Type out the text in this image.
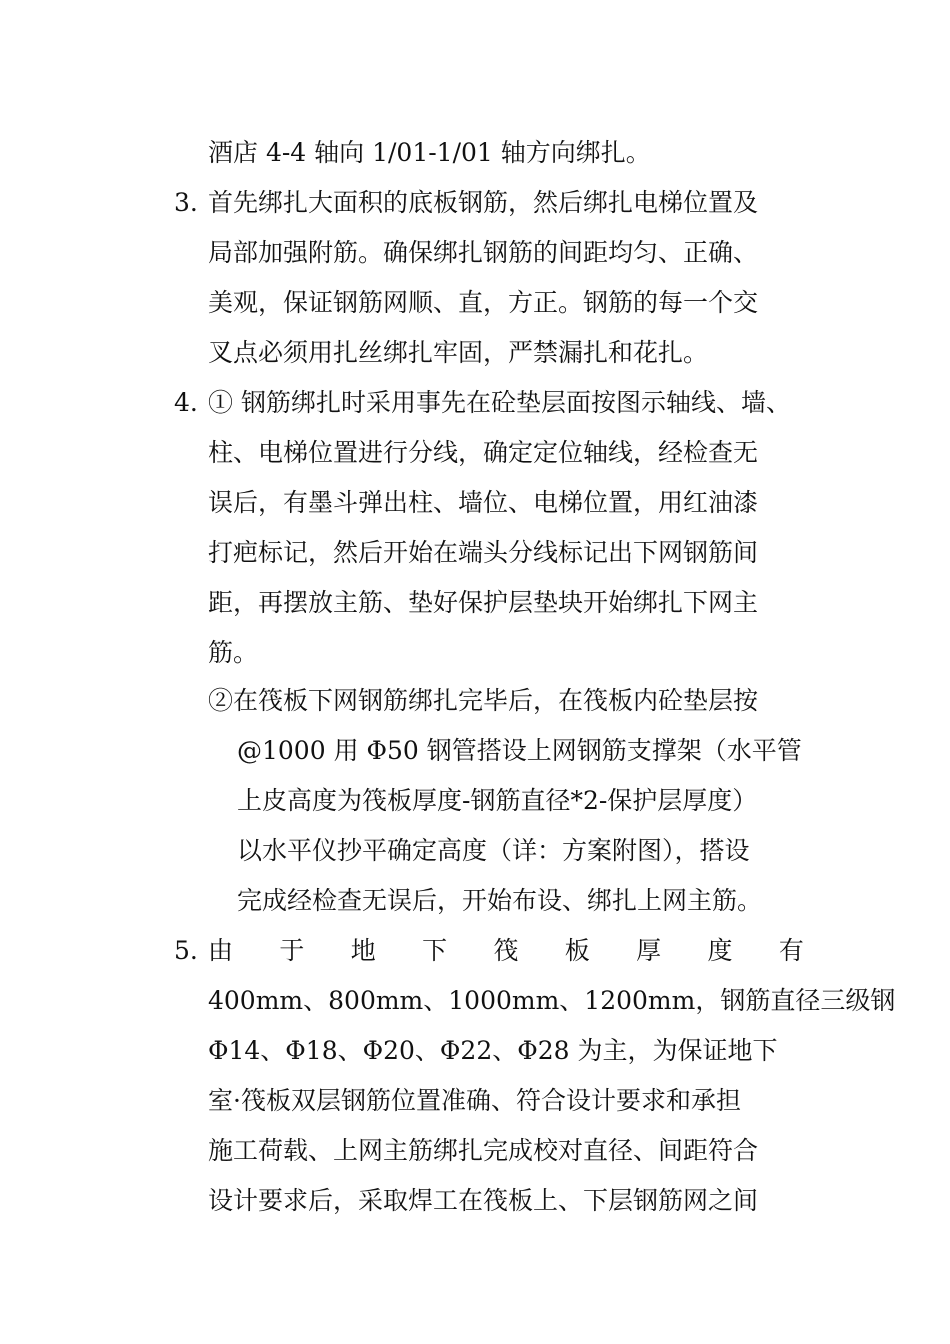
酒店 4-4 轴向 1/01-1/01 轴方向绑扎。
3. 首先绑扎大面积的底板钢筋，然后绑扎电梯位置及
局部加强附筋。确保绑扎钢筋的间距均匀、正确、
美观，保证钢筋网顺、直，方正。钢筋的每一个交
叉点必须用扎丝绑扎牢固，严禁漏扎和花扎。
4. ① 钢筋绑扎时采用事先在砼垫层面按图示轴线、墙、
柱、电梯位置进行分线，确定定位轴线，经检查无
误后，有墨斗弹出柱、墙位、电梯位置，用红油漆
打疤标记，然后开始在端头分线标记出下网钢筋间
距，再摆放主筋、垫好保护层垫块开始绑扎下网主
筋。
②在筏板下网钢筋绑扎完毕后，在筏板内砼垫层按
@1000 用 Φ50 钢管搭设上网钢筋支撑架（水平管
上皮高度为筏板厚度-钢筋直径*2-保护层厚度）
以水平仪抄平确定高度（详：方案附图），搭设
完成经检查无误后，开始布设、绑扎上网主筋。
5. 由 于 地 下 筏 板 厚 度 有
400mm、800mm、1000mm、1200mm，钢筋直径三级钢
Φ14、Φ18、Φ20、Φ22、Φ28 为主，为保证地下
室·筏板双层钢筋位置准确、符合设计要求和承担
施工荷载、上网主筋绑扎完成校对直径、间距符合
设计要求后，采取焊工在筏板上、下层钢筋网之间
